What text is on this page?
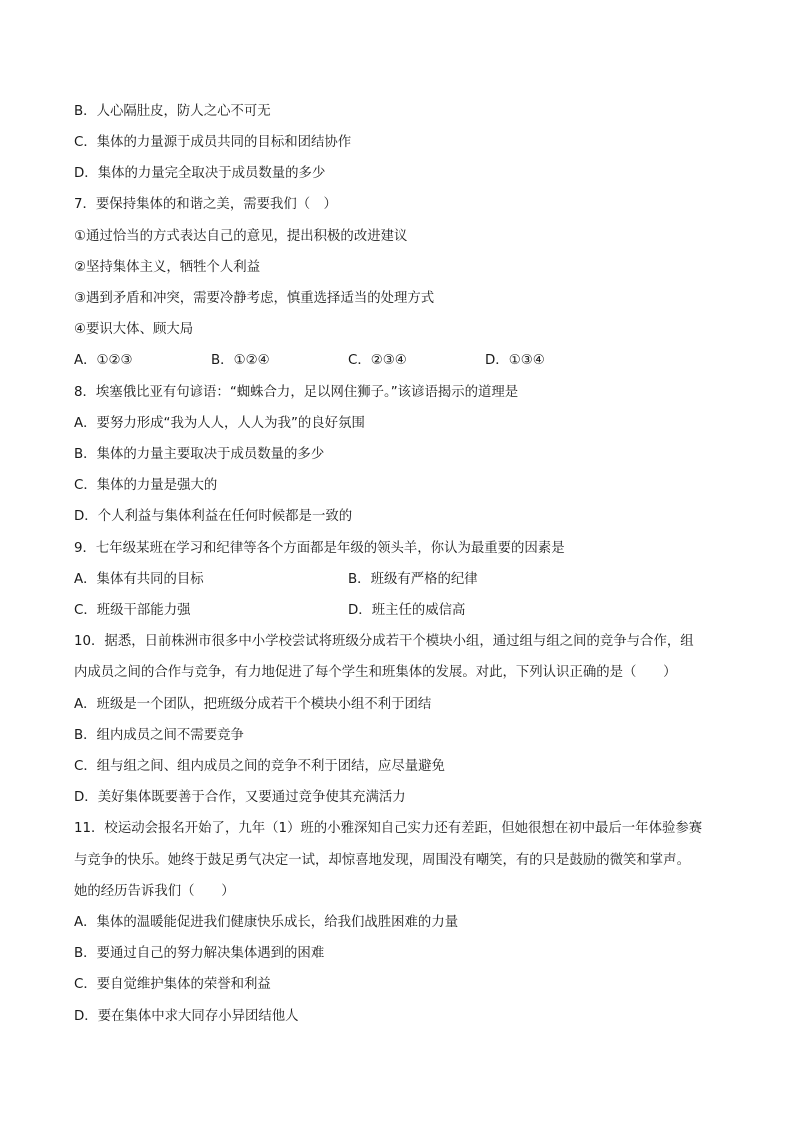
B．人心隔肚皮，防人之心不可无
C．集体的力量源于成员共同的目标和团结协作
D．集体的力量完全取决于成员数量的多少
7．要保持集体的和谐之美，需要我们（　）
①通过恰当的方式表达自己的意见，提出积极的改进建议
②坚持集体主义，牺牲个人利益
③遇到矛盾和冲突，需要冷静考虑，慎重选择适当的处理方式
④要识大体、顾大局
A．①②③	B．①②④	C．②③④	D．①③④
8．埃塞俄比亚有句谚语：“蜘蛛合力，足以网住狮子。”该谚语揭示的道理是
A．要努力形成“我为人人，人人为我”的良好氛围
B．集体的力量主要取决于成员数量的多少
C．集体的力量是强大的
D．个人利益与集体利益在任何时候都是一致的
9．七年级某班在学习和纪律等各个方面都是年级的领头羊，你认为最重要的因素是
A．集体有共同的目标	B．班级有严格的纪律
C．班级干部能力强	D．班主任的威信高
10．据悉，日前株洲市很多中小学校尝试将班级分成若干个模块小组，通过组与组之间的竞争与合作，组
内成员之间的合作与竞争，有力地促进了每个学生和班集体的发展。对此，下列认识正确的是（　　）
A．班级是一个团队，把班级分成若干个模块小组不利于团结
B．组内成员之间不需要竞争
C．组与组之间、组内成员之间的竞争不利于团结，应尽量避免
D．美好集体既要善于合作，又要通过竞争使其充满活力
11．校运动会报名开始了，九年（1）班的小雅深知自己实力还有差距，但她很想在初中最后一年体验参赛
与竞争的快乐。她终于鼓足勇气决定一试，却惊喜地发现，周围没有嘲笑，有的只是鼓励的微笑和掌声。
她的经历告诉我们（　　）
A．集体的温暖能促进我们健康快乐成长，给我们战胜困难的力量
B．要通过自己的努力解决集体遇到的困难
C．要自觉维护集体的荣誉和利益
D．要在集体中求大同存小异团结他人
